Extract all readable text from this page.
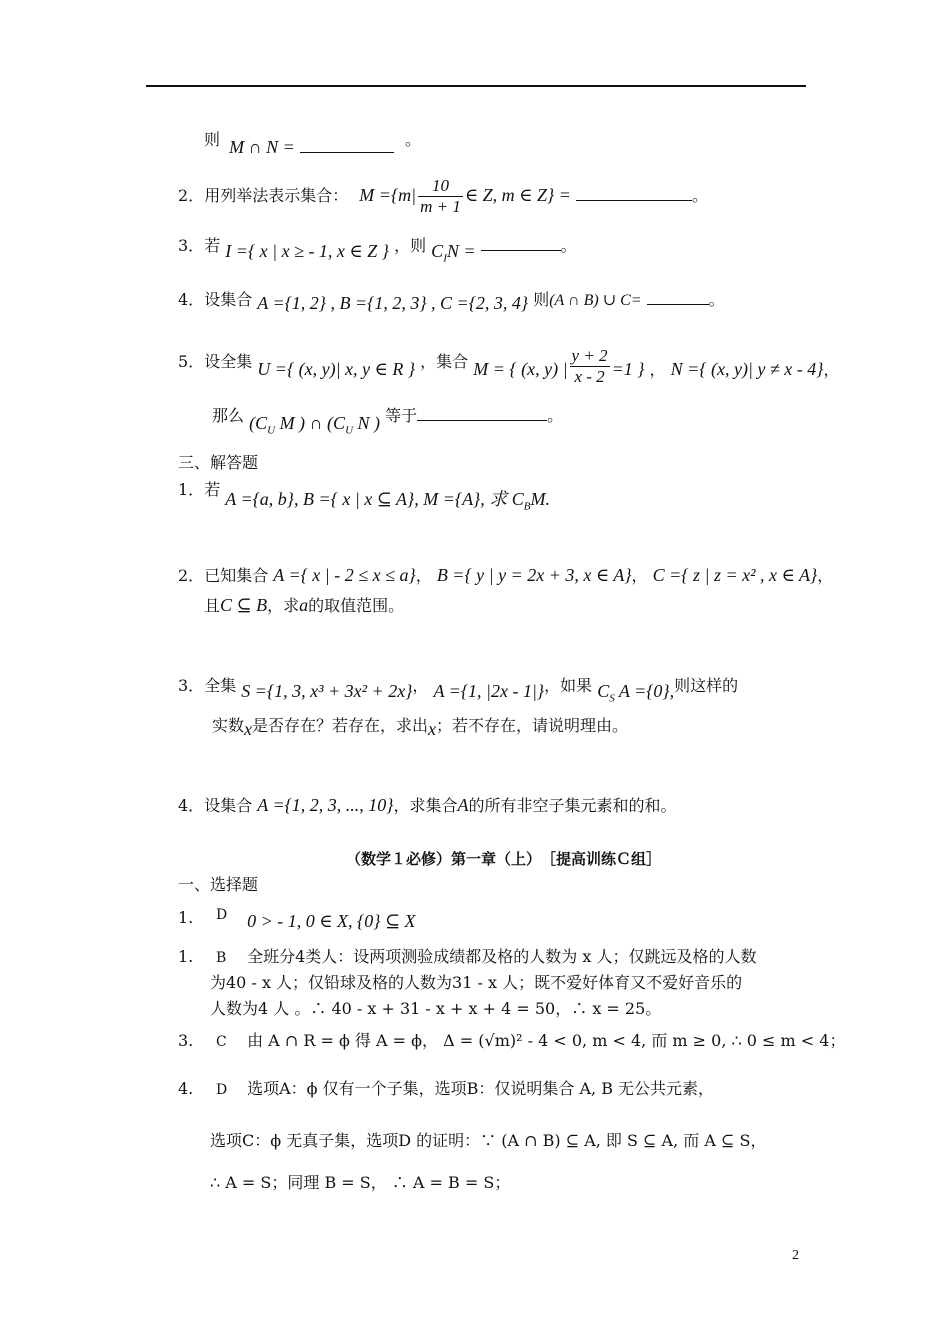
则 M ∩ N =	。
2．用列举法表示集合： $M =\{m| \frac{10}{m + 1}$ ∈ Z, m ∈ Z} =	。
3．若 I ={ x | x ≥ - 1, x ∈ Z } ，则 $C_IN$ =	。
4．设集合 A ={1, 2} , B ={1, 2, 3} , C ={2, 3, 4} 则(A ∩ B) ∪ C=	。
5．设全集 U ={ (x, y)| x, y ∈ R } ，集合 M = { (x, y) | $\frac{y + 2}{x - 2} =1$ } ， N ={ (x, y)| y ≠ x - 4}，
那么 ($C_U$ M ) ∩ ($C_U$ N ) 等于	。
三、解答题
1．若 A ={a, b}, B ={ x | x ⊆ A}, M ={A}, 求 $C_BM$.
2．已知集合 A ={ x | - 2 ≤ x ≤ a}， B ={ y | y = 2x + 3, x ∈ A}， C ={ z | z = x² , x ∈ A}，
且C ⊆ B，求a的取值范围。
3．全集 S ={1, 3, x³ + 3x² + 2x}， A ={1, |2x - 1|}，如果 $C_S$ A ={0},则这样的
实数x是否存在？若存在，求出x；若不存在，请说明理由。
4．设集合 A ={1, 2, 3, ..., 10}，求集合A的所有非空子集元素和的和。
（数学１必修）第一章（上）　［提高训练Ｃ组］
一、选择题
1. D 0 > - 1, 0 ∈ X, {0} ⊆ X
1. B 全班分4类人：设两项测验成绩都及格的人数为 x 人；仅跳远及格的人数
为40 - x 人；仅铅球及格的人数为31 - x 人；既不爱好体育又不爱好音乐的
人数为4 人 。∴ 40 - x + 31 - x + x + 4 = 50，∴ x = 25。
3. C 由 A ∩ R = ϕ 得 A = ϕ， Δ = (√m)² - 4 < 0, m < 4, 而 m ≥ 0, ∴ 0 ≤ m < 4；
4. D 选项A：ϕ 仅有一个子集，选项B：仅说明集合 A, B 无公共元素，
选项C：ϕ 无真子集，选项D 的证明：∵ (A ∩ B) ⊆ A, 即 S ⊆ A, 而 A ⊆ S，
∴ A = S；同理 B = S， ∴ A = B = S；
2
